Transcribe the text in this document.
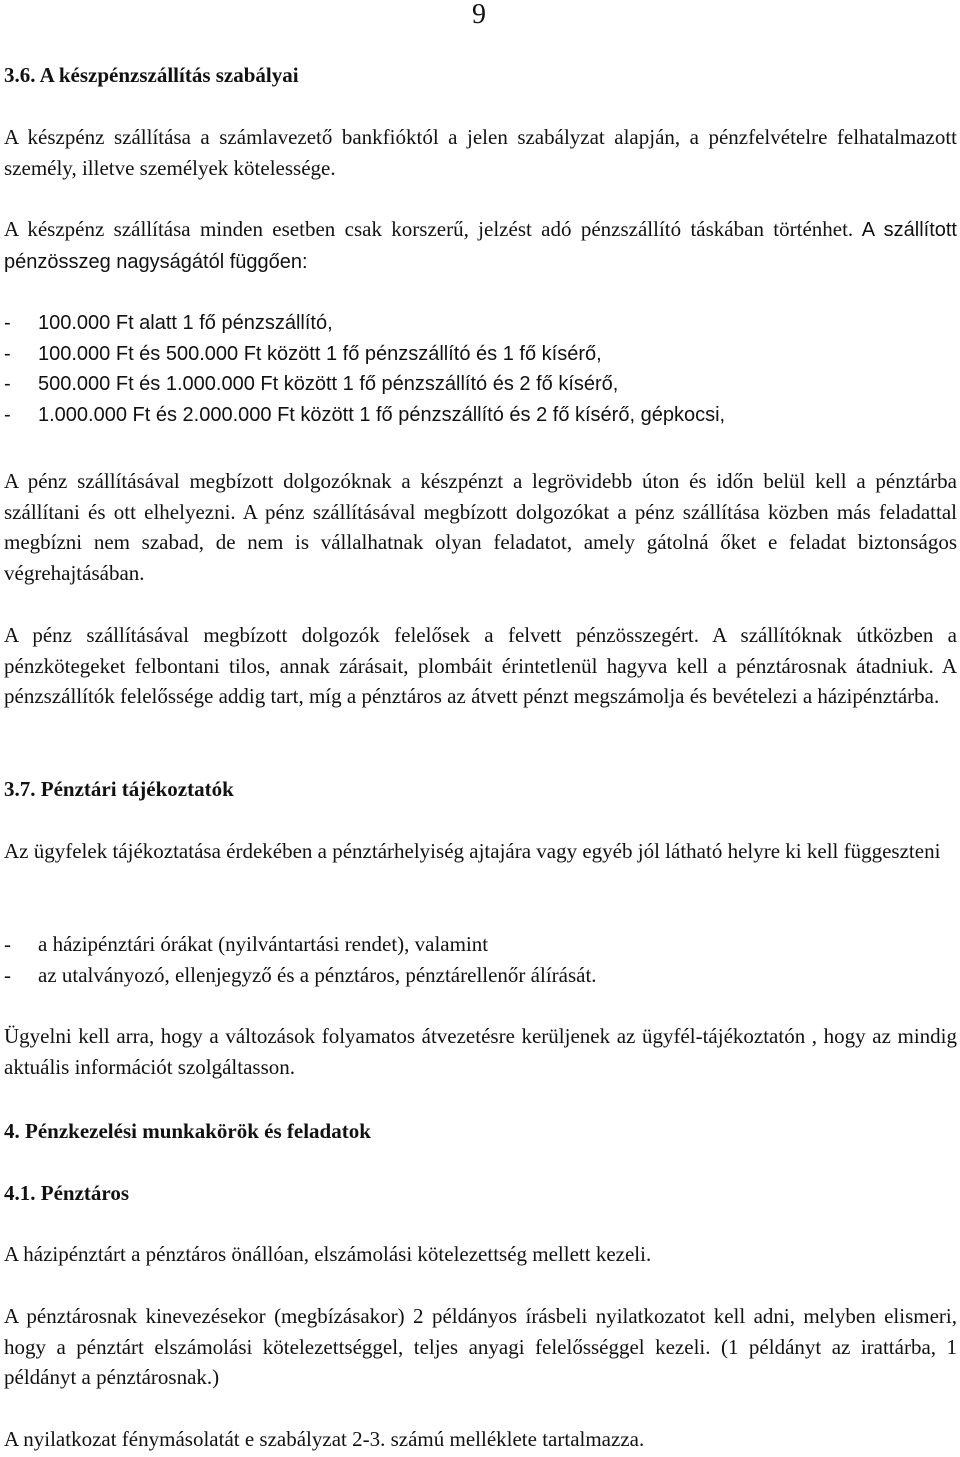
9
3.6. A készpénzszállítás szabályai
A készpénz szállítása a számlavezető bankfióktól a jelen szabályzat alapján, a pénzfelvételre felhatalmazott személy, illetve személyek kötelessége.
A készpénz szállítása minden esetben csak korszerű, jelzést adó pénzszállító táskában történhet. A szállított pénzösszeg nagyságától függően:
- 100.000 Ft alatt 1 fő pénzszállító,
- 100.000 Ft és 500.000 Ft között 1 fő pénzszállító és 1 fő kísérő,
- 500.000 Ft és 1.000.000 Ft között 1 fő pénzszállító és 2 fő kísérő,
- 1.000.000 Ft és 2.000.000 Ft között 1 fő pénzszállító és 2 fő kísérő, gépkocsi,
A pénz szállításával megbízott dolgozóknak a készpénzt a legrövidebb úton és időn belül kell a pénztárba szállítani és ott elhelyezni. A pénz szállításával megbízott dolgozókat a pénz szállítása közben más feladattal megbízni nem szabad, de nem is vállalhatnak olyan feladatot, amely gátolná őket e feladat biztonságos végrehajtásában.
A pénz szállításával megbízott dolgozók felelősek a felvett pénzösszegért. A szállítóknak útközben a pénzkötegeket felbontani tilos, annak zárásait, plombáit érintetlenül hagyva kell a pénztárosnak átadniuk. A pénzszállítók felelőssége addig tart, míg a pénztáros az átvett pénzt megszámolja és bevételezi a házipénztárba.
3.7. Pénztári tájékoztatók
Az ügyfelek tájékoztatása érdekében a pénztárhelyiség ajtajára vagy egyéb jól látható helyre ki kell függeszteni
- a házipénztári órákat (nyilvántartási rendet), valamint
- az utalványozó, ellenjegyző és a pénztáros, pénztárellenőr álírását.
Ügyelni kell arra, hogy a változások folyamatos átvezetésre kerüljenek az ügyfél-tájékoztatón , hogy az mindig aktuális információt szolgáltasson.
4. Pénzkezelési munkakörök és feladatok
4.1. Pénztáros
A házipénztárt a pénztáros önállóan, elszámolási kötelezettség mellett kezeli.
A pénztárosnak kinevezésekor (megbízásakor) 2 példányos írásbeli nyilatkozatot kell adni, melyben elismeri, hogy a pénztárt elszámolási kötelezettséggel, teljes anyagi felelősséggel kezeli. (1 példányt az irattárba, 1 példányt a pénztárosnak.)
A nyilatkozat fénymásolatát e szabályzat 2-3. számú melléklete tartalmazza.
